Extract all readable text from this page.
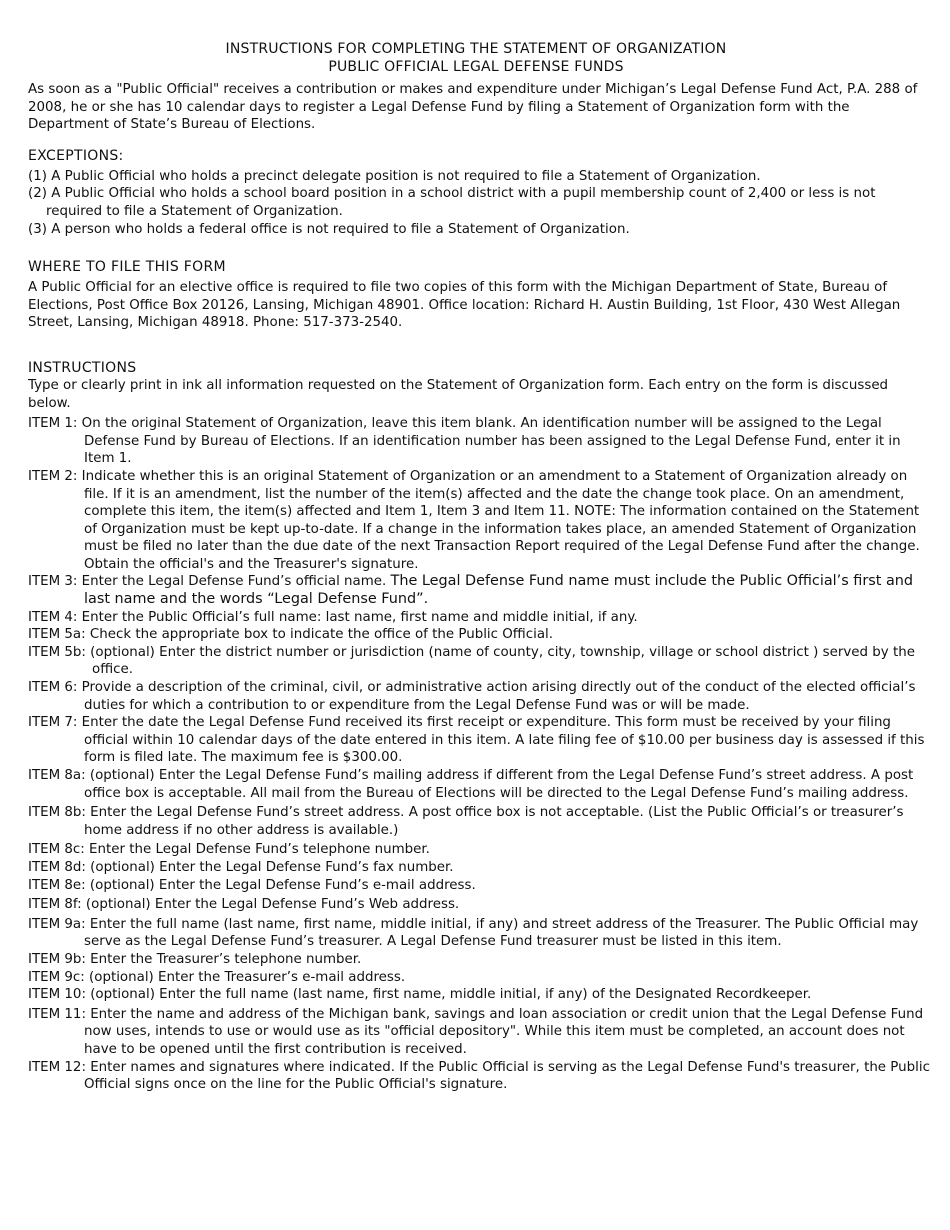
INSTRUCTIONS FOR COMPLETING THE STATEMENT OF ORGANIZATION
PUBLIC OFFICIAL LEGAL DEFENSE FUNDS

As soon as a "Public Official" receives a contribution or makes and expenditure under Michigan’s Legal Defense Fund Act, P.A. 288 of 2008, he or she has 10 calendar days to register a Legal Defense Fund by filing a Statement of Organization form with the Department of State’s Bureau of Elections.

EXCEPTIONS:
(1) A Public Official who holds a precinct delegate position is not required to file a Statement of Organization.
(2) A Public Official who holds a school board position in a school district with a pupil membership count of 2,400 or less is not required to file a Statement of Organization.
(3) A person who holds a federal office is not required to file a Statement of Organization.
WHERE TO FILE THIS FORM

A Public Official for an elective office is required to file two copies of this form with the Michigan Department of State, Bureau of Elections, Post Office Box 20126, Lansing, Michigan 48901. Office location: Richard H. Austin Building, 1st Floor, 430 West Allegan Street, Lansing, Michigan 48918. Phone: 517-373-2540.

INSTRUCTIONS

Type or clearly print in ink all information requested on the Statement of Organization form. Each entry on the form is discussed below.

ITEM 1: On the original Statement of Organization, leave this item blank. An identification number will be assigned to the Legal Defense Fund by Bureau of Elections. If an identification number has been assigned to the Legal Defense Fund, enter it in Item 1.
ITEM 2: Indicate whether this is an original Statement of Organization or an amendment to a Statement of Organization already on file. If it is an amendment, list the number of the item(s) affected and the date the change took place. On an amendment, complete this item, the item(s) affected and Item 1, Item 3 and Item 11. NOTE: The information contained on the Statement of Organization must be kept up-to-date. If a change in the information takes place, an amended Statement of Organization must be filed no later than the due date of the next Transaction Report required of the Legal Defense Fund after the change. Obtain the official's and the Treasurer's signature.
ITEM 3: Enter the Legal Defense Fund’s official name. The Legal Defense Fund name must include the Public Official’s first and last name and the words “Legal Defense Fund”.
ITEM 4: Enter the Public Official’s full name: last name, first name and middle initial, if any.
ITEM 5a: Check the appropriate box to indicate the office of the Public Official.
ITEM 5b: (optional) Enter the district number or jurisdiction (name of county, city, township, village or school district ) served by the office.
ITEM 6: Provide a description of the criminal, civil, or administrative action arising directly out of the conduct of the elected official’s duties for which a contribution to or expenditure from the Legal Defense Fund was or will be made.
ITEM 7: Enter the date the Legal Defense Fund received its first receipt or expenditure. This form must be received by your filing official within 10 calendar days of the date entered in this item. A late filing fee of $10.00 per business day is assessed if this form is filed late. The maximum fee is $300.00.
ITEM 8a: (optional) Enter the Legal Defense Fund’s mailing address if different from the Legal Defense Fund’s street address. A post office box is acceptable. All mail from the Bureau of Elections will be directed to the Legal Defense Fund’s mailing address.
ITEM 8b: Enter the Legal Defense Fund’s street address. A post office box is not acceptable. (List the Public Official’s or treasurer’s home address if no other address is available.)
ITEM 8c: Enter the Legal Defense Fund’s telephone number.
ITEM 8d: (optional) Enter the Legal Defense Fund’s fax number.
ITEM 8e: (optional) Enter the Legal Defense Fund’s e-mail address.
ITEM 8f: (optional) Enter the Legal Defense Fund’s Web address.
ITEM 9a: Enter the full name (last name, first name, middle initial, if any) and street address of the Treasurer. The Public Official may serve as the Legal Defense Fund’s treasurer. A Legal Defense Fund treasurer must be listed in this item.
ITEM 9b: Enter the Treasurer’s telephone number.
ITEM 9c: (optional) Enter the Treasurer’s e-mail address.
ITEM 10: (optional) Enter the full name (last name, first name, middle initial, if any) of the Designated Recordkeeper.
ITEM 11: Enter the name and address of the Michigan bank, savings and loan association or credit union that the Legal Defense Fund now uses, intends to use or would use as its "official depository". While this item must be completed, an account does not have to be opened until the first contribution is received.
ITEM 12: Enter names and signatures where indicated. If the Public Official is serving as the Legal Defense Fund's treasurer, the Public Official signs once on the line for the Public Official's signature.
